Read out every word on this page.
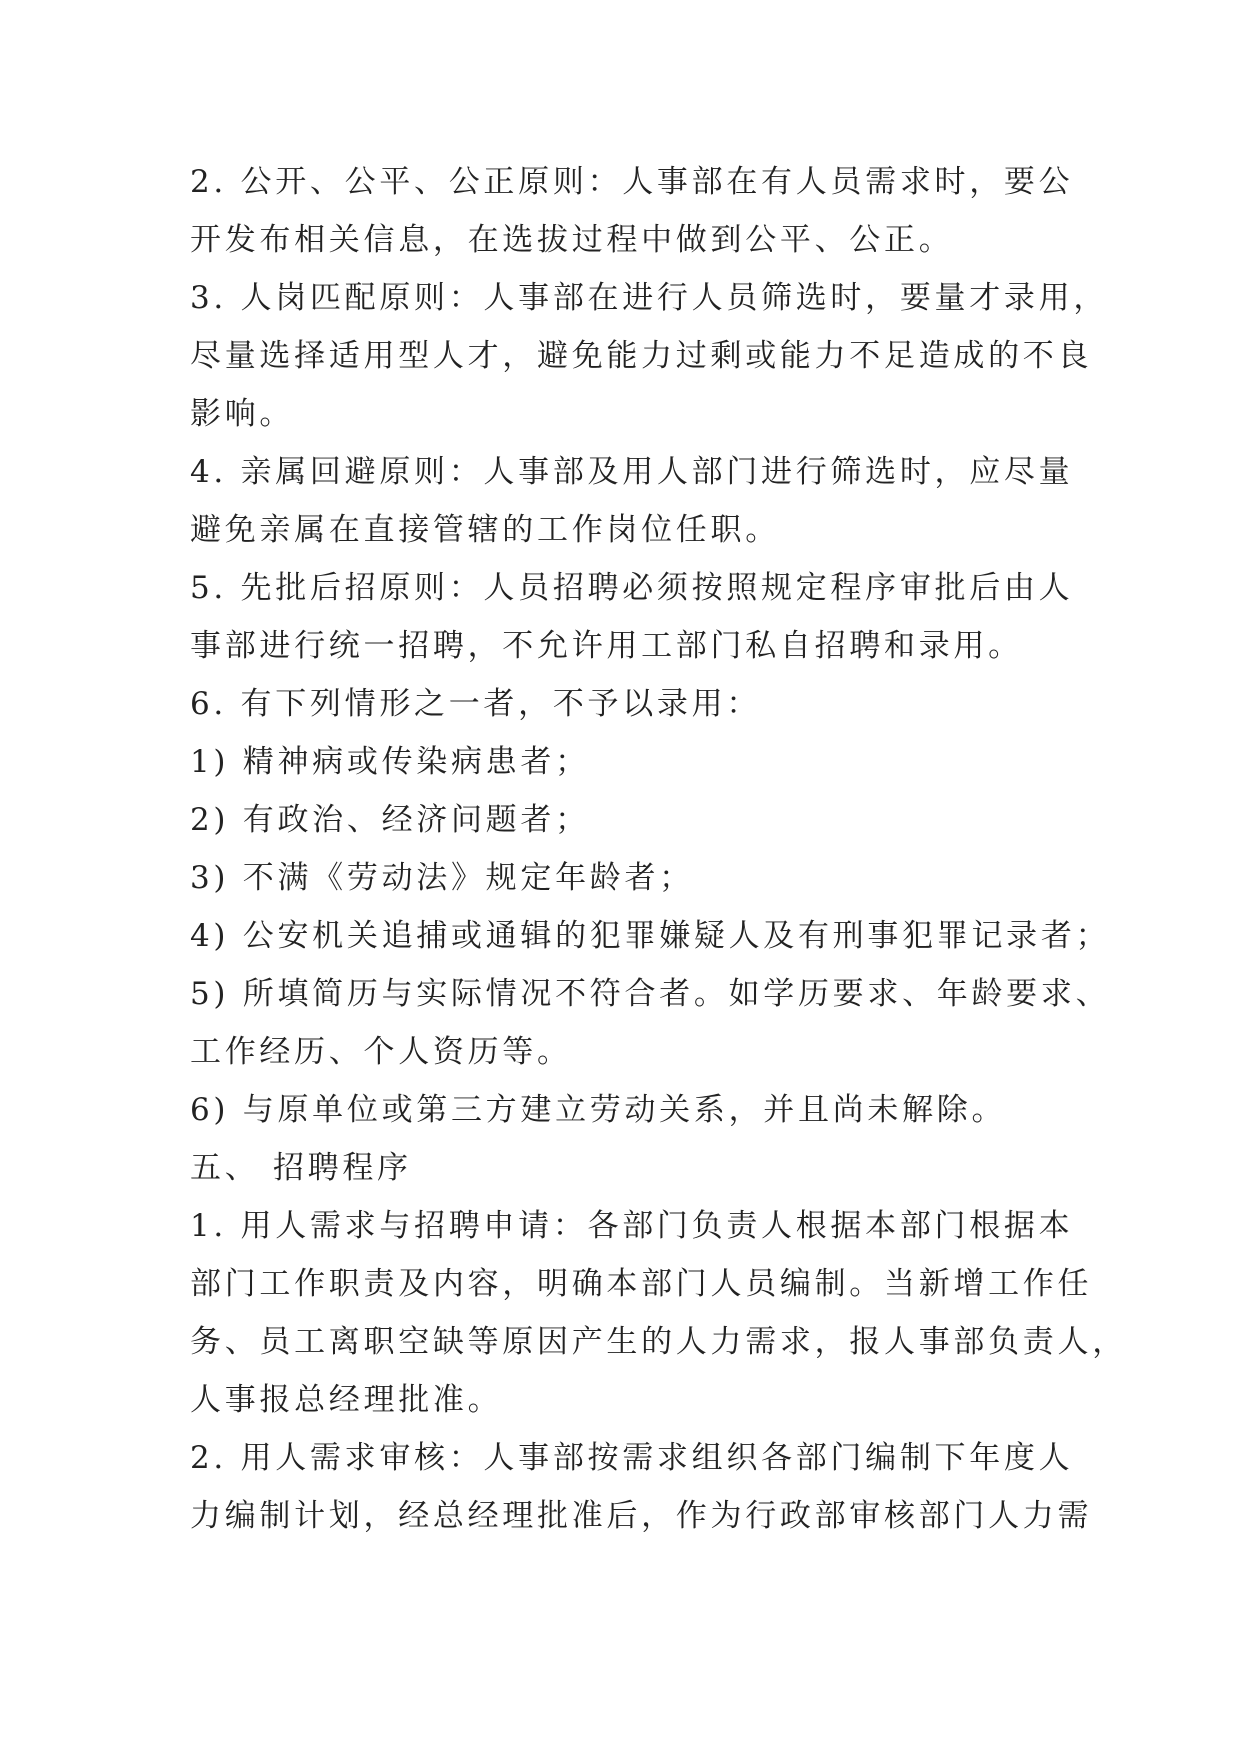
2. 公开、公平、公正原则：人事部在有人员需求时，要公

开发布相关信息，在选拔过程中做到公平、公正。

3. 人岗匹配原则：人事部在进行人员筛选时，要量才录用，

尽量选择适用型人才，避免能力过剩或能力不足造成的不良

影响。

4. 亲属回避原则：人事部及用人部门进行筛选时，应尽量

避免亲属在直接管辖的工作岗位任职。

5. 先批后招原则：人员招聘必须按照规定程序审批后由人

事部进行统一招聘，不允许用工部门私自招聘和录用。

6. 有下列情形之一者，不予以录用：

1) 精神病或传染病患者；

2) 有政治、经济问题者；

3) 不满《劳动法》规定年龄者；

4) 公安机关追捕或通辑的犯罪嫌疑人及有刑事犯罪记录者；

5) 所填简历与实际情况不符合者。如学历要求、年龄要求、

工作经历、个人资历等。

6) 与原单位或第三方建立劳动关系，并且尚未解除。

五、 招聘程序

1. 用人需求与招聘申请：各部门负责人根据本部门根据本

部门工作职责及内容，明确本部门人员编制。当新增工作任

务、员工离职空缺等原因产生的人力需求，报人事部负责人，

人事报总经理批准。

2. 用人需求审核：人事部按需求组织各部门编制下年度人

力编制计划，经总经理批准后，作为行政部审核部门人力需
